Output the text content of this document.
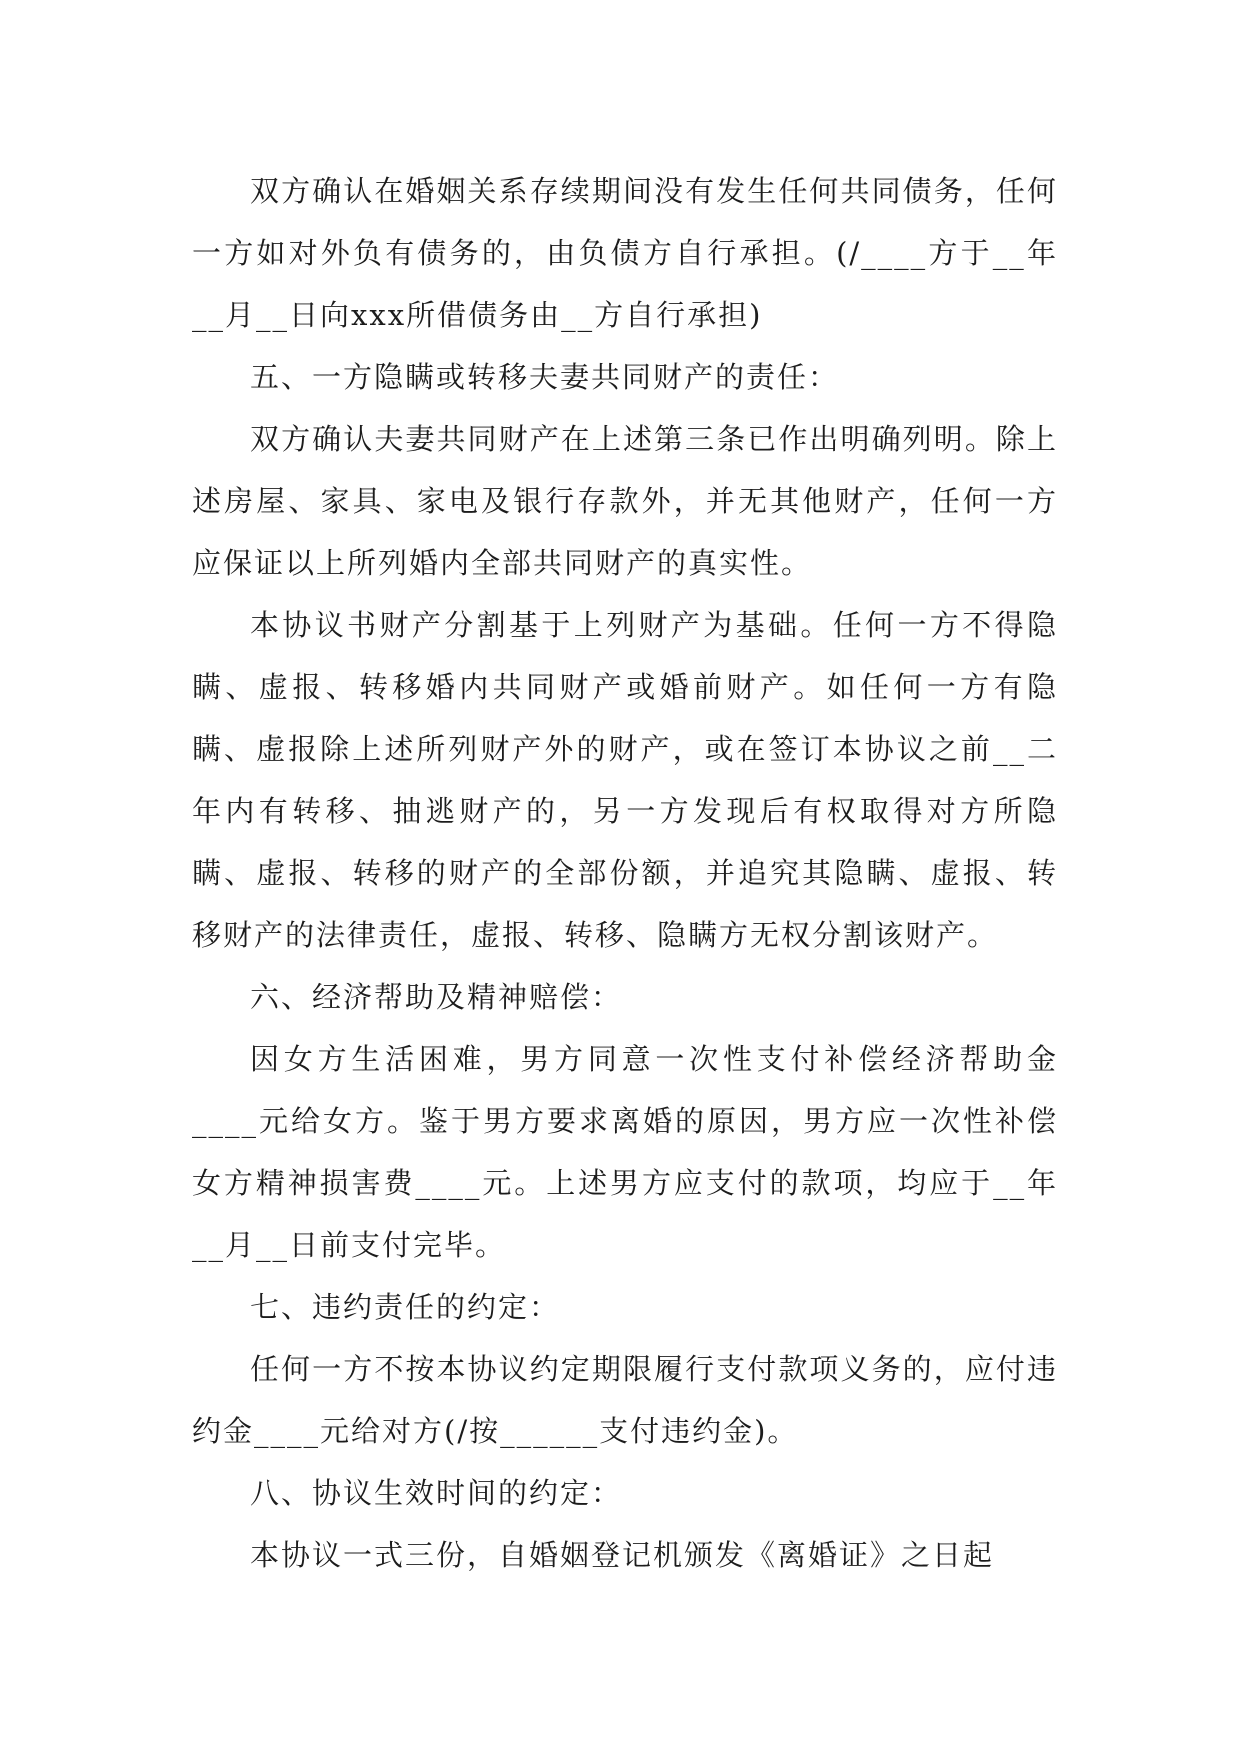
双方确认在婚姻关系存续期间没有发生任何共同债务，任何一方如对外负有债务的，由负债方自行承担。(/____方于__年__月__日向xxx所借债务由__方自行承担)

五、一方隐瞒或转移夫妻共同财产的责任：

双方确认夫妻共同财产在上述第三条已作出明确列明。除上述房屋、家具、家电及银行存款外，并无其他财产，任何一方应保证以上所列婚内全部共同财产的真实性。

本协议书财产分割基于上列财产为基础。任何一方不得隐瞒、虚报、转移婚内共同财产或婚前财产。如任何一方有隐瞒、虚报除上述所列财产外的财产，或在签订本协议之前__二年内有转移、抽逃财产的，另一方发现后有权取得对方所隐瞒、虚报、转移的财产的全部份额，并追究其隐瞒、虚报、转移财产的法律责任，虚报、转移、隐瞒方无权分割该财产。

六、经济帮助及精神赔偿：

因女方生活困难，男方同意一次性支付补偿经济帮助金____元给女方。鉴于男方要求离婚的原因，男方应一次性补偿女方精神损害费____元。上述男方应支付的款项，均应于__年__月__日前支付完毕。

七、违约责任的约定：

任何一方不按本协议约定期限履行支付款项义务的，应付违约金____元给对方(/按______支付违约金)。

八、协议生效时间的约定：

本协议一式三份，自婚姻登记机颁发《离婚证》之日起
